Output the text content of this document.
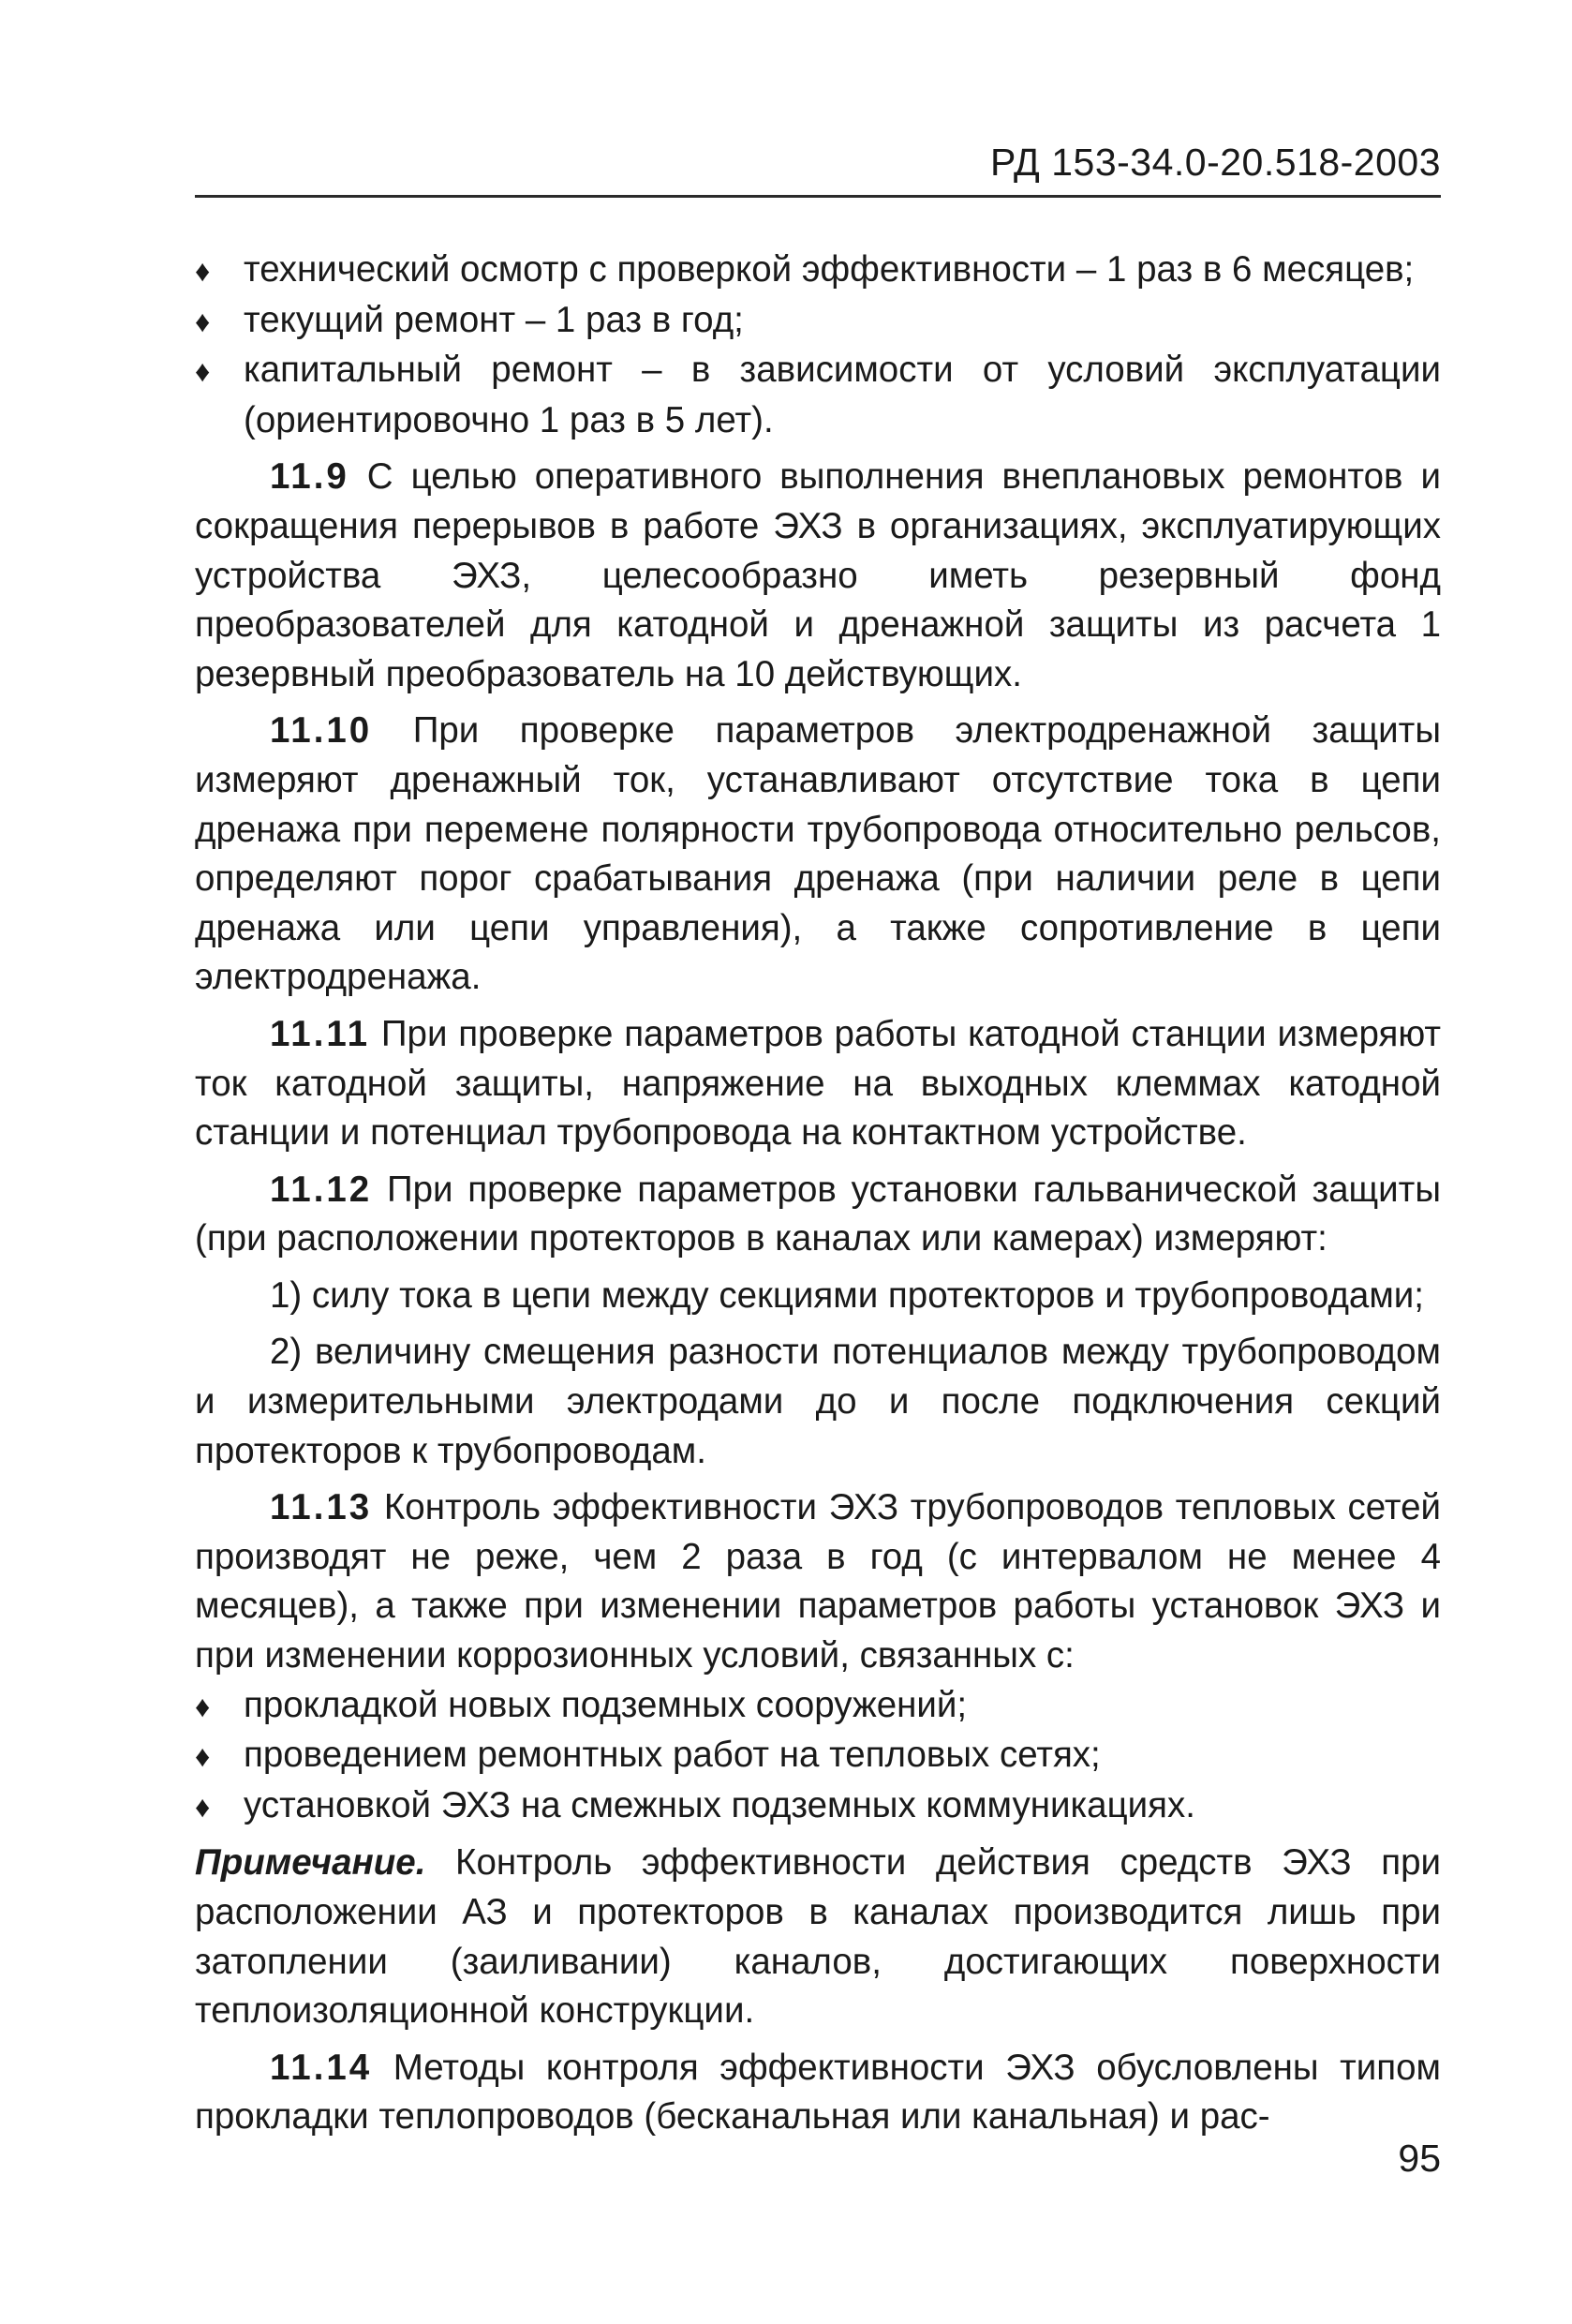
РД 153-34.0-20.518-2003

♦ технический осмотр с проверкой эффективности – 1 раз в 6 месяцев;

♦ текущий ремонт – 1 раз в год;

♦ капитальный ремонт – в зависимости от условий эксплуатации (ориентировочно 1 раз в 5 лет).

11.9 С целью оперативного выполнения внеплановых ремонтов и сокращения перерывов в работе ЭХЗ в организациях, эксплуатирующих устройства ЭХЗ, целесообразно иметь резервный фонд преобразователей для катодной и дренажной защиты из расчета 1 резервный преобразователь на 10 действующих.

11.10 При проверке параметров электродренажной защиты измеряют дренажный ток, устанавливают отсутствие тока в цепи дренажа при перемене полярности трубопровода относительно рельсов, определяют порог срабатывания дренажа (при наличии реле в цепи дренажа или цепи управления), а также сопротивление в цепи электродренажа.

11.11 При проверке параметров работы катодной станции измеряют ток катодной защиты, напряжение на выходных клеммах катодной станции и потенциал трубопровода на контактном устройстве.

11.12 При проверке параметров установки гальванической защиты (при расположении протекторов в каналах или камерах) измеряют:

1) силу тока в цепи между секциями протекторов и трубопроводами;

2) величину смещения разности потенциалов между трубопроводом и измерительными электродами до и после подключения секций протекторов к трубопроводам.

11.13 Контроль эффективности ЭХЗ трубопроводов тепловых сетей производят не реже, чем 2 раза в год (с интервалом не менее 4 месяцев), а также при изменении параметров работы установок ЭХЗ и при изменении коррозионных условий, связанных с:

♦ прокладкой новых подземных сооружений;

♦ проведением ремонтных работ на тепловых сетях;

♦ установкой ЭХЗ на смежных подземных коммуникациях.

Примечание. Контроль эффективности действия средств ЭХЗ при расположении АЗ и протекторов в каналах производится лишь при затоплении (заиливании) каналов, достигающих поверхности теплоизоляционной конструкции.

11.14 Методы контроля эффективности ЭХЗ обусловлены типом прокладки теплопроводов (бесканальная или канальная) и рас-

95
